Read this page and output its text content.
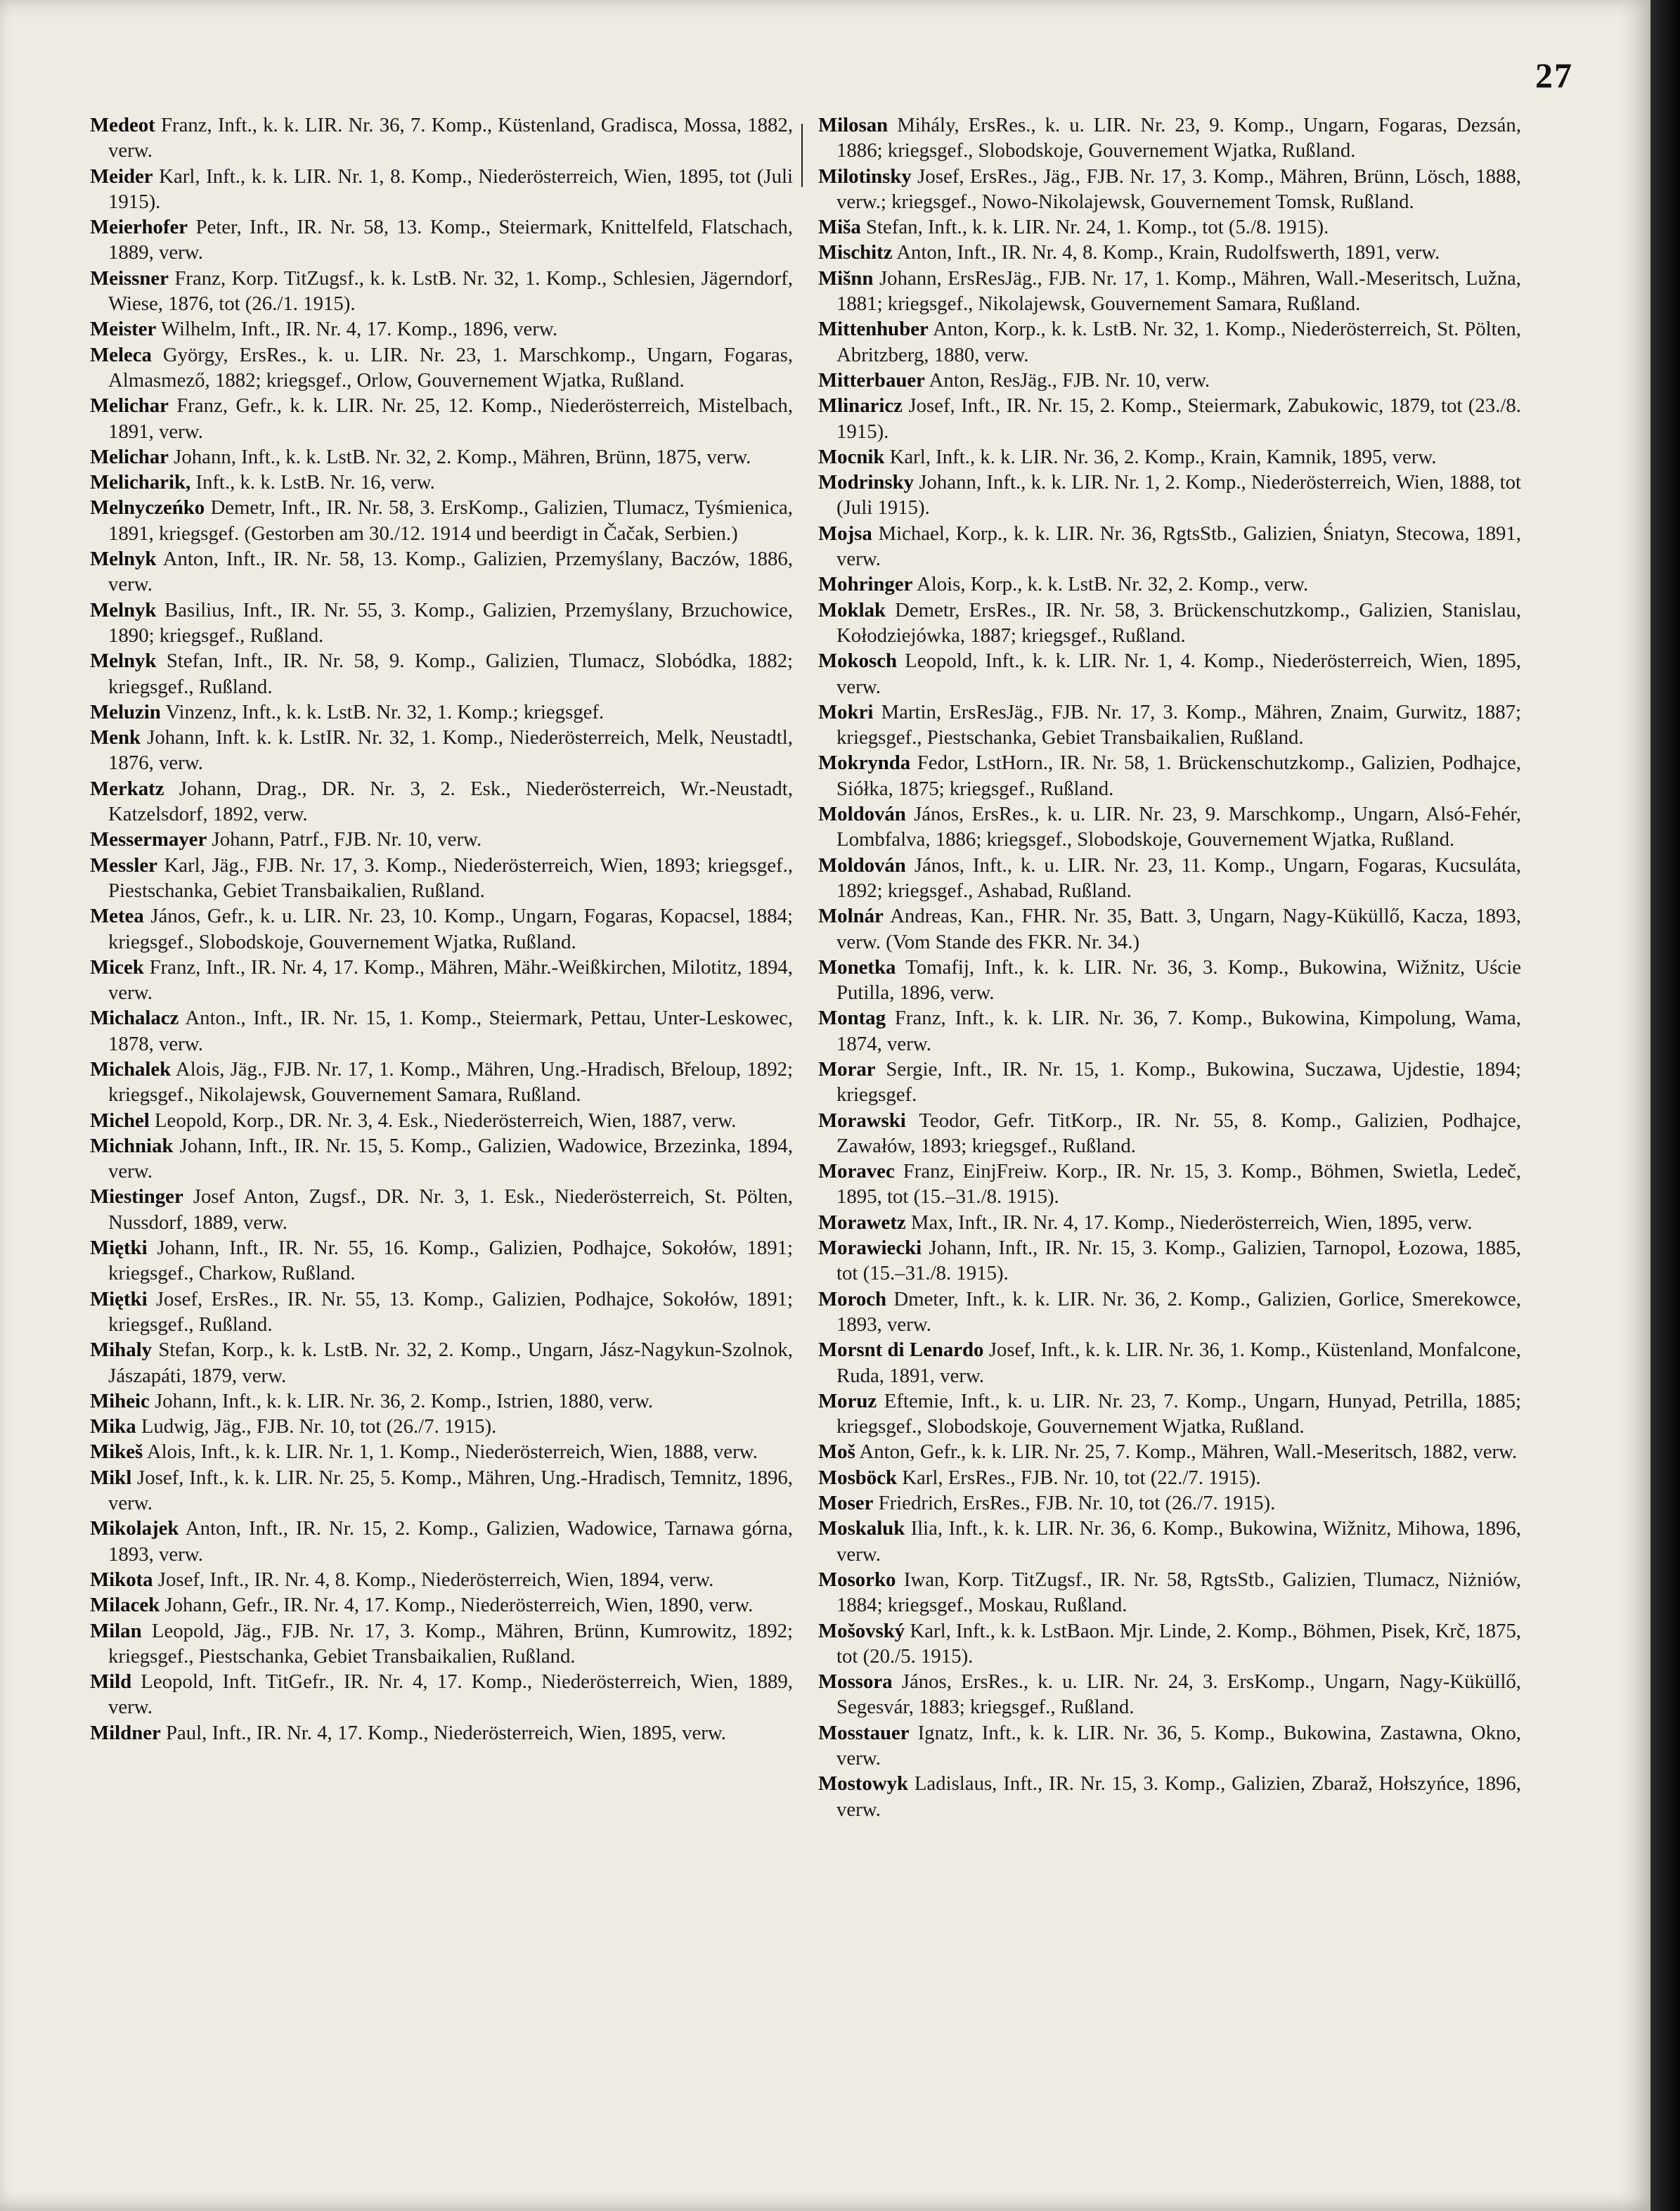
27

Medeot Franz, Inft., k. k. LIR. Nr. 36, 7. Komp., Küstenland, Gradisca, Mossa, 1882, verw.

Meider Karl, Inft., k. k. LIR. Nr. 1, 8. Komp., Niederösterreich, Wien, 1895, tot (Juli 1915).

Meierhofer Peter, Inft., IR. Nr. 58, 13. Komp., Steiermark, Knittelfeld, Flatschach, 1889, verw.

Meissner Franz, Korp. TitZugsf., k. k. LstB. Nr. 32, 1. Komp., Schlesien, Jägerndorf, Wiese, 1876, tot (26./1. 1915).

Meister Wilhelm, Inft., IR. Nr. 4, 17. Komp., 1896, verw.

Meleca György, ErsRes., k. u. LIR. Nr. 23, 1. Marschkomp., Ungarn, Fogaras, Almasmező, 1882; kriegsgef., Orlow, Gouvernement Wjatka, Rußland.

Melichar Franz, Gefr., k. k. LIR. Nr. 25, 12. Komp., Niederösterreich, Mistelbach, 1891, verw.

Melichar Johann, Inft., k. k. LstB. Nr. 32, 2. Komp., Mähren, Brünn, 1875, verw.

Melicharik, Inft., k. k. LstB. Nr. 16, verw.

Melnyczeńko Demetr, Inft., IR. Nr. 58, 3. ErsKomp., Galizien, Tlumacz, Tyśmienica, 1891, kriegsgef. (Gestorben am 30./12. 1914 und beerdigt in Čačak, Serbien.)

Melnyk Anton, Inft., IR. Nr. 58, 13. Komp., Galizien, Przemyślany, Baczów, 1886, verw.

Melnyk Basilius, Inft., IR. Nr. 55, 3. Komp., Galizien, Przemyślany, Brzuchowice, 1890; kriegsgef., Rußland.

Melnyk Stefan, Inft., IR. Nr. 58, 9. Komp., Galizien, Tlumacz, Slobódka, 1882; kriegsgef., Rußland.

Meluzin Vinzenz, Inft., k. k. LstB. Nr. 32, 1. Komp.; kriegsgef.

Menk Johann, Inft. k. k. LstIR. Nr. 32, 1. Komp., Niederösterreich, Melk, Neustadtl, 1876, verw.

Merkatz Johann, Drag., DR. Nr. 3, 2. Esk., Niederösterreich, Wr.-Neustadt, Katzelsdorf, 1892, verw.

Messermayer Johann, Patrf., FJB. Nr. 10, verw.

Messler Karl, Jäg., FJB. Nr. 17, 3. Komp., Niederösterreich, Wien, 1893; kriegsgef., Piestschanka, Gebiet Transbaikalien, Rußland.

Metea János, Gefr., k. u. LIR. Nr. 23, 10. Komp., Ungarn, Fogaras, Kopacsel, 1884; kriegsgef., Slobodskoje, Gouvernement Wjatka, Rußland.

Micek Franz, Inft., IR. Nr. 4, 17. Komp., Mähren, Mähr.-Weißkirchen, Milotitz, 1894, verw.

Michalacz Anton., Inft., IR. Nr. 15, 1. Komp., Steiermark, Pettau, Unter-Leskowec, 1878, verw.

Michalek Alois, Jäg., FJB. Nr. 17, 1. Komp., Mähren, Ung.-Hradisch, Břeloup, 1892; kriegsgef., Nikolajewsk, Gouvernement Samara, Rußland.

Michel Leopold, Korp., DR. Nr. 3, 4. Esk., Niederösterreich, Wien, 1887, verw.

Michniak Johann, Inft., IR. Nr. 15, 5. Komp., Galizien, Wadowice, Brzezinka, 1894, verw.

Miestinger Josef Anton, Zugsf., DR. Nr. 3, 1. Esk., Niederösterreich, St. Pölten, Nussdorf, 1889, verw.

Miętki Johann, Inft., IR. Nr. 55, 16. Komp., Galizien, Podhajce, Sokołów, 1891; kriegsgef., Charkow, Rußland.

Miętki Josef, ErsRes., IR. Nr. 55, 13. Komp., Galizien, Podhajce, Sokołów, 1891; kriegsgef., Rußland.

Mihaly Stefan, Korp., k. k. LstB. Nr. 32, 2. Komp., Ungarn, Jász-Nagykun-Szolnok, Jászapáti, 1879, verw.

Miheic Johann, Inft., k. k. LIR. Nr. 36, 2. Komp., Istrien, 1880, verw.

Mika Ludwig, Jäg., FJB. Nr. 10, tot (26./7. 1915).

Mikeš Alois, Inft., k. k. LIR. Nr. 1, 1. Komp., Niederösterreich, Wien, 1888, verw.

Mikl Josef, Inft., k. k. LIR. Nr. 25, 5. Komp., Mähren, Ung.-Hradisch, Temnitz, 1896, verw.

Mikolajek Anton, Inft., IR. Nr. 15, 2. Komp., Galizien, Wadowice, Tarnawa górna, 1893, verw.

Mikota Josef, Inft., IR. Nr. 4, 8. Komp., Niederösterreich, Wien, 1894, verw.

Milacek Johann, Gefr., IR. Nr. 4, 17. Komp., Niederösterreich, Wien, 1890, verw.

Milan Leopold, Jäg., FJB. Nr. 17, 3. Komp., Mähren, Brünn, Kumrowitz, 1892; kriegsgef., Piestschanka, Gebiet Transbaikalien, Rußland.

Mild Leopold, Inft. TitGefr., IR. Nr. 4, 17. Komp., Niederösterreich, Wien, 1889, verw.

Mildner Paul, Inft., IR. Nr. 4, 17. Komp., Niederösterreich, Wien, 1895, verw.

Milosan Mihály, ErsRes., k. u. LIR. Nr. 23, 9. Komp., Ungarn, Fogaras, Dezsán, 1886; kriegsgef., Slobodskoje, Gouvernement Wjatka, Rußland.

Milotinsky Josef, ErsRes., Jäg., FJB. Nr. 17, 3. Komp., Mähren, Brünn, Lösch, 1888, verw.; kriegsgef., Nowo-Nikolajewsk, Gouvernement Tomsk, Rußland.

Miša Stefan, Inft., k. k. LIR. Nr. 24, 1. Komp., tot (5./8. 1915).

Mischitz Anton, Inft., IR. Nr. 4, 8. Komp., Krain, Rudolfswerth, 1891, verw.

Mišnn Johann, ErsResJäg., FJB. Nr. 17, 1. Komp., Mähren, Wall.-Meseritsch, Lužna, 1881; kriegsgef., Nikolajewsk, Gouvernement Samara, Rußland.

Mittenhuber Anton, Korp., k. k. LstB. Nr. 32, 1. Komp., Niederösterreich, St. Pölten, Abritzberg, 1880, verw.

Mitterbauer Anton, ResJäg., FJB. Nr. 10, verw.

Mlinaricz Josef, Inft., IR. Nr. 15, 2. Komp., Steiermark, Zabukowic, 1879, tot (23./8. 1915).

Mocnik Karl, Inft., k. k. LIR. Nr. 36, 2. Komp., Krain, Kamnik, 1895, verw.

Modrinsky Johann, Inft., k. k. LIR. Nr. 1, 2. Komp., Niederösterreich, Wien, 1888, tot (Juli 1915).

Mojsa Michael, Korp., k. k. LIR. Nr. 36, RgtsStb., Galizien, Śniatyn, Stecowa, 1891, verw.

Mohringer Alois, Korp., k. k. LstB. Nr. 32, 2. Komp., verw.

Moklak Demetr, ErsRes., IR. Nr. 58, 3. Brückenschutzkomp., Galizien, Stanislau, Kołodziejówka, 1887; kriegsgef., Rußland.

Mokosch Leopold, Inft., k. k. LIR. Nr. 1, 4. Komp., Niederösterreich, Wien, 1895, verw.

Mokri Martin, ErsResJäg., FJB. Nr. 17, 3. Komp., Mähren, Znaim, Gurwitz, 1887; kriegsgef., Piestschanka, Gebiet Transbaikalien, Rußland.

Mokrynda Fedor, LstHorn., IR. Nr. 58, 1. Brückenschutzkomp., Galizien, Podhajce, Siółka, 1875; kriegsgef., Rußland.

Moldován János, ErsRes., k. u. LIR. Nr. 23, 9. Marschkomp., Ungarn, Alsó-Fehér, Lombfalva, 1886; kriegsgef., Slobodskoje, Gouvernement Wjatka, Rußland.

Moldován János, Inft., k. u. LIR. Nr. 23, 11. Komp., Ungarn, Fogaras, Kucsuláta, 1892; kriegsgef., Ashabad, Rußland.

Molnár Andreas, Kan., FHR. Nr. 35, Batt. 3, Ungarn, Nagy-Küküllő, Kacza, 1893, verw. (Vom Stande des FKR. Nr. 34.)

Monetka Tomafij, Inft., k. k. LIR. Nr. 36, 3. Komp., Bukowina, Wižnitz, Uście Putilla, 1896, verw.

Montag Franz, Inft., k. k. LIR. Nr. 36, 7. Komp., Bukowina, Kimpolung, Wama, 1874, verw.

Morar Sergie, Inft., IR. Nr. 15, 1. Komp., Bukowina, Suczawa, Ujdestie, 1894; kriegsgef.

Morawski Teodor, Gefr. TitKorp., IR. Nr. 55, 8. Komp., Galizien, Podhajce, Zawałów, 1893; kriegsgef., Rußland.

Moravec Franz, EinjFreiw. Korp., IR. Nr. 15, 3. Komp., Böhmen, Swietla, Ledeč, 1895, tot (15.–31./8. 1915).

Morawetz Max, Inft., IR. Nr. 4, 17. Komp., Niederösterreich, Wien, 1895, verw.

Morawiecki Johann, Inft., IR. Nr. 15, 3. Komp., Galizien, Tarnopol, Łozowa, 1885, tot (15.–31./8. 1915).

Moroch Dmeter, Inft., k. k. LIR. Nr. 36, 2. Komp., Galizien, Gorlice, Smerekowce, 1893, verw.

Morsnt di Lenardo Josef, Inft., k. k. LIR. Nr. 36, 1. Komp., Küstenland, Monfalcone, Ruda, 1891, verw.

Moruz Eftemie, Inft., k. u. LIR. Nr. 23, 7. Komp., Ungarn, Hunyad, Petrilla, 1885; kriegsgef., Slobodskoje, Gouvernement Wjatka, Rußland.

Moš Anton, Gefr., k. k. LIR. Nr. 25, 7. Komp., Mähren, Wall.-Meseritsch, 1882, verw.

Mosböck Karl, ErsRes., FJB. Nr. 10, tot (22./7. 1915).

Moser Friedrich, ErsRes., FJB. Nr. 10, tot (26./7. 1915).

Moskaluk Ilia, Inft., k. k. LIR. Nr. 36, 6. Komp., Bukowina, Wižnitz, Mihowa, 1896, verw.

Mosorko Iwan, Korp. TitZugsf., IR. Nr. 58, RgtsStb., Galizien, Tlumacz, Niżniów, 1884; kriegsgef., Moskau, Rußland.

Mošovský Karl, Inft., k. k. LstBaon. Mjr. Linde, 2. Komp., Böhmen, Pisek, Krč, 1875, tot (20./5. 1915).

Mossora János, ErsRes., k. u. LIR. Nr. 24, 3. ErsKomp., Ungarn, Nagy-Küküllő, Segesvár, 1883; kriegsgef., Rußland.

Mosstauer Ignatz, Inft., k. k. LIR. Nr. 36, 5. Komp., Bukowina, Zastawna, Okno, verw.

Mostowyk Ladislaus, Inft., IR. Nr. 15, 3. Komp., Galizien, Zbaraž, Hołszyńce, 1896, verw.
